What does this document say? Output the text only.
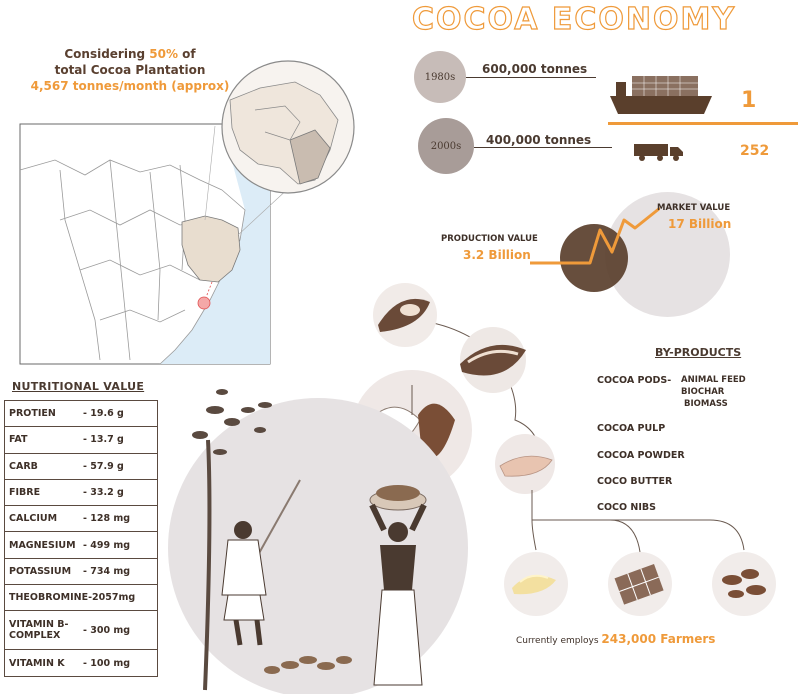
COCOA ECONOMY
Considering 50% of
total Cocoa Plantation
4,567 tonnes/month (approx)
1980s
2000s
600,000 tonnes
400,000 tonnes
1
252
PRODUCTION VALUE
3.2 Billion
MARKET VALUE
17 Billion
NUTRITIONAL VALUE
PROTIEN	- 19.6 g
FAT	- 13.7 g
CARB	- 57.9 g
FIBRE	- 33.2 g
CALCIUM	- 128 mg
MAGNESIUM	- 499 mg
POTASSIUM	- 734 mg
THEOBROMINE-2057mg	
VITAMIN B-COMPLEX	- 300 mg
VITAMIN K	- 100 mg
BY-PRODUCTS
COCOA PODS- ANIMAL FEED
BIOCHAR
BIOMASS
COCOA PULP
COCOA POWDER
COCO BUTTER
COCO NIBS
Currently employs 243,000 Farmers
